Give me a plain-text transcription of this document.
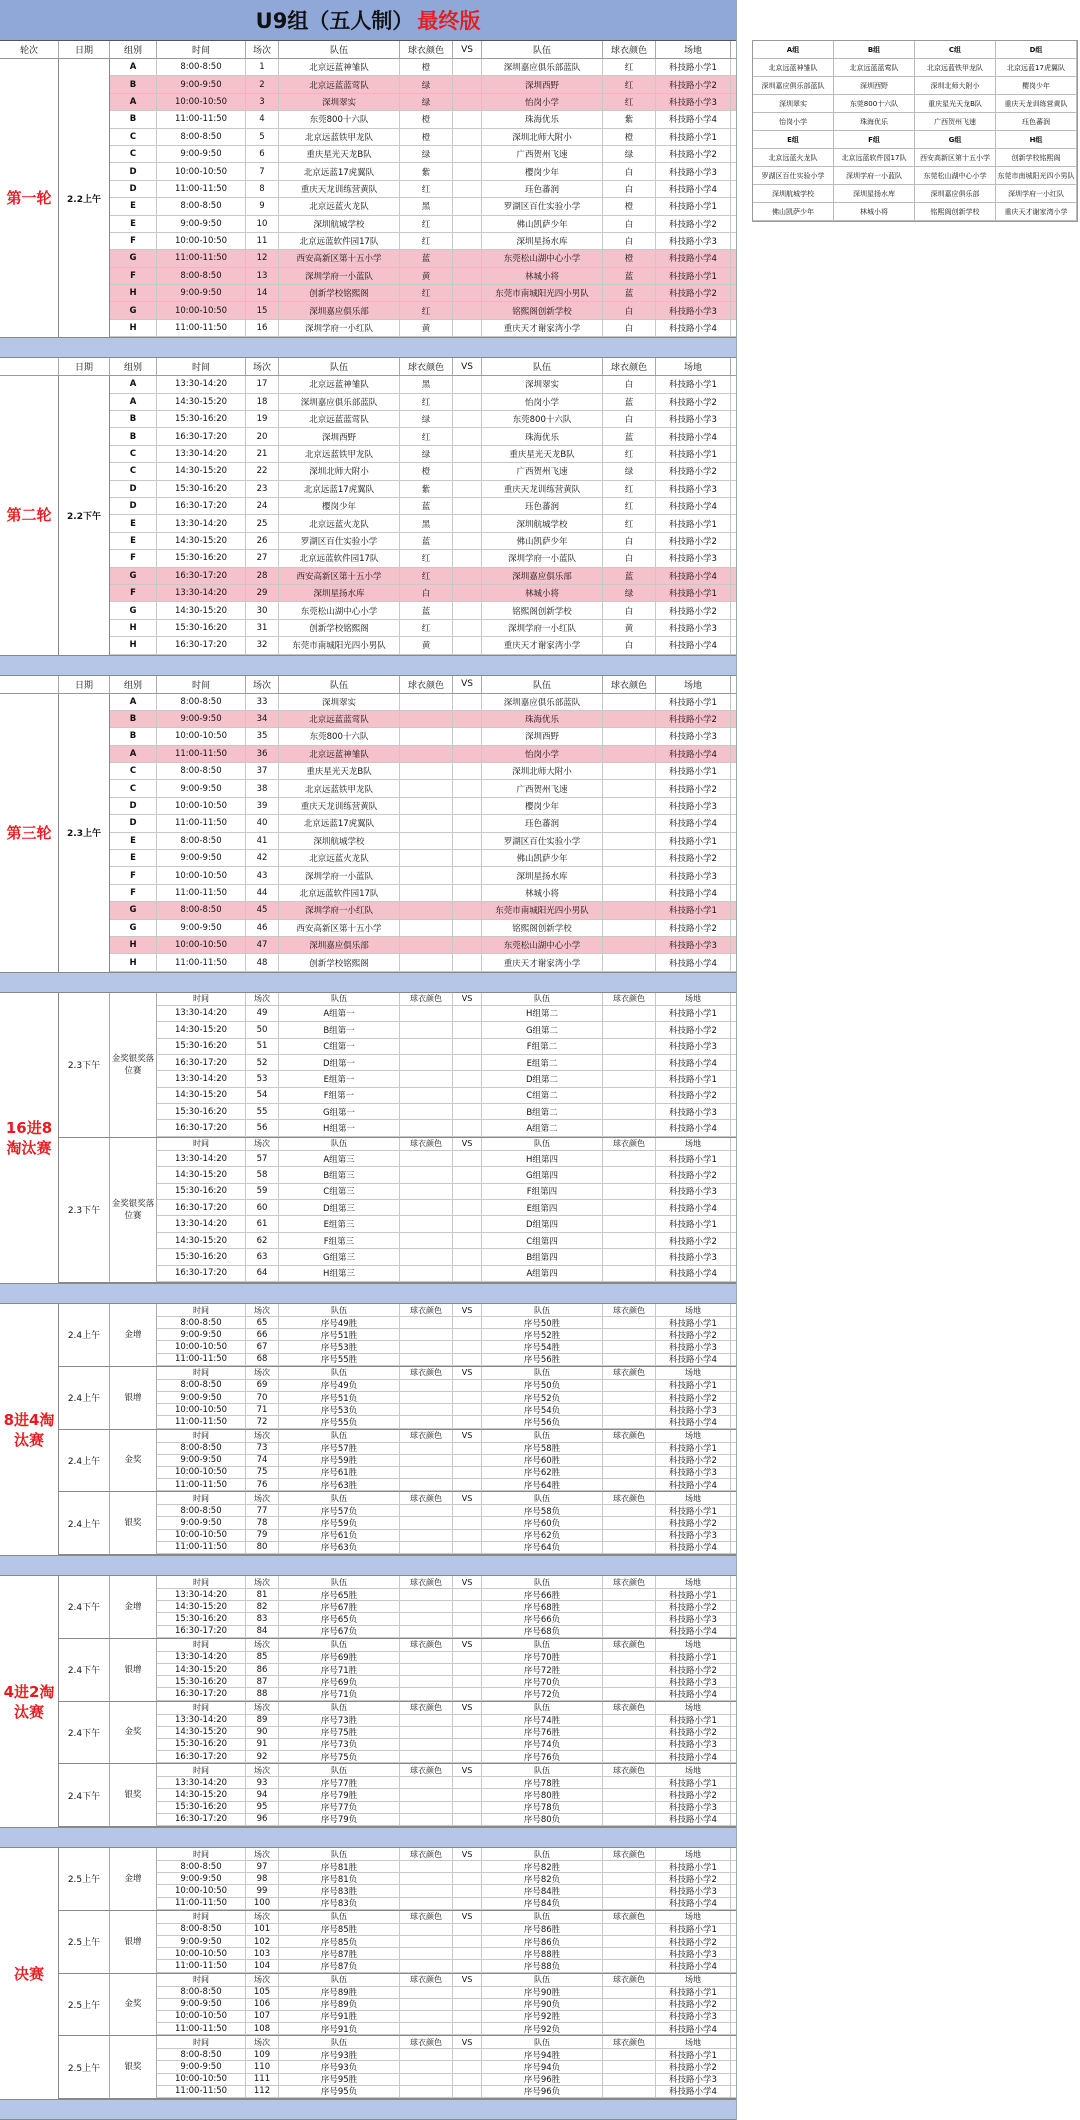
U9组（五人制） 最终版
轮次	日期	组别	时间	场次	队伍	球衣颜色	VS	队伍	球衣颜色	场地
第一轮	2.2上午
A	8:00-8:50	1	北京远蓝神雏队	橙	深圳嘉应俱乐部蓝队	红	科技路小学1
B	9:00-9:50	2	北京远蓝蓝莺队	绿	深圳西野	红	科技路小学2
A	10:00-10:50	3	深圳翠实	绿	怡岗小学	红	科技路小学3
B	11:00-11:50	4	东莞800十六队	橙	珠海优乐	紫	科技路小学4
C	8:00-8:50	5	北京远蓝铁甲龙队	橙	深圳北师大附小	橙	科技路小学1
C	9:00-9:50	6	重庆星光天龙B队	绿	广西贺州飞速	绿	科技路小学2
D	10:00-10:50	7	北京远蓝17虎翼队	紫	樱岗少年	白	科技路小学3
D	11:00-11:50	8	重庆天龙训练营黄队	红	珏色蕃润	白	科技路小学4
E	8:00-8:50	9	北京远蓝火龙队	黑	罗湖区百仕实验小学	橙	科技路小学1
E	9:00-9:50	10	深圳航城学校	红	佛山凯萨少年	白	科技路小学2
F	10:00-10:50	11	北京远蓝软件园17队	红	深圳星扬水库	白	科技路小学3
G	11:00-11:50	12	西安高新区第十五小学	蓝	东莞松山湖中心小学	橙	科技路小学4
F	8:00-8:50	13	深圳学府一小蓝队	黄	林城小将	蓝	科技路小学1
H	9:00-9:50	14	创新学校铭熙阁	红	东莞市南城阳光四小男队	蓝	科技路小学2
G	10:00-10:50	15	深圳嘉应俱乐部	红	铭熙阁创新学校	白	科技路小学3
H	11:00-11:50	16	深圳学府一小红队	黄	重庆天才谢家湾小学	白	科技路小学4
日期	组别	时间	场次	队伍	球衣颜色	VS	队伍	球衣颜色	场地
第二轮	2.2下午
A	13:30-14:20	17	北京远蓝神雏队	黑	深圳翠实	白	科技路小学1
A	14:30-15:20	18	深圳嘉应俱乐部蓝队	红	怡岗小学	蓝	科技路小学2
B	15:30-16:20	19	北京远蓝蓝莺队	绿	东莞800十六队	白	科技路小学3
B	16:30-17:20	20	深圳西野	红	珠海优乐	蓝	科技路小学4
C	13:30-14:20	21	北京远蓝铁甲龙队	绿	重庆星光天龙B队	红	科技路小学1
C	14:30-15:20	22	深圳北师大附小	橙	广西贺州飞速	绿	科技路小学2
D	15:30-16:20	23	北京远蓝17虎翼队	紫	重庆天龙训练营黄队	红	科技路小学3
D	16:30-17:20	24	樱岗少年	蓝	珏色蕃润	红	科技路小学4
E	13:30-14:20	25	北京远蓝火龙队	黑	深圳航城学校	红	科技路小学1
E	14:30-15:20	26	罗湖区百仕实验小学	蓝	佛山凯萨少年	白	科技路小学2
F	15:30-16:20	27	北京远蓝软件园17队	红	深圳学府一小蓝队	白	科技路小学3
G	16:30-17:20	28	西安高新区第十五小学	红	深圳嘉应俱乐部	蓝	科技路小学4
F	13:30-14:20	29	深圳星扬水库	白	林城小将	绿	科技路小学1
G	14:30-15:20	30	东莞松山湖中心小学	蓝	铭熙阁创新学校	白	科技路小学2
H	15:30-16:20	31	创新学校铭熙阁	红	深圳学府一小红队	黄	科技路小学3
H	16:30-17:20	32	东莞市南城阳光四小男队	黄	重庆天才谢家湾小学	白	科技路小学4
日期	组别	时间	场次	队伍	球衣颜色	VS	队伍	球衣颜色	场地
第三轮	2.3上午
A	8:00-8:50	33	深圳翠实	深圳嘉应俱乐部蓝队	科技路小学1
B	9:00-9:50	34	北京远蓝蓝莺队	珠海优乐	科技路小学2
B	10:00-10:50	35	东莞800十六队	深圳西野	科技路小学3
A	11:00-11:50	36	北京远蓝神雏队	怡岗小学	科技路小学4
C	8:00-8:50	37	重庆星光天龙B队	深圳北师大附小	科技路小学1
C	9:00-9:50	38	北京远蓝铁甲龙队	广西贺州飞速	科技路小学2
D	10:00-10:50	39	重庆天龙训练营黄队	樱岗少年	科技路小学3
D	11:00-11:50	40	北京远蓝17虎翼队	珏色蕃润	科技路小学4
E	8:00-8:50	41	深圳航城学校	罗湖区百仕实验小学	科技路小学1
E	9:00-9:50	42	北京远蓝火龙队	佛山凯萨少年	科技路小学2
F	10:00-10:50	43	深圳学府一小蓝队	深圳星扬水库	科技路小学3
F	11:00-11:50	44	北京远蓝软件园17队	林城小将	科技路小学4
G	8:00-8:50	45	深圳学府一小红队	东莞市南城阳光四小男队	科技路小学1
G	9:00-9:50	46	西安高新区第十五小学	铭熙阁创新学校	科技路小学2
H	10:00-10:50	47	深圳嘉应俱乐部	东莞松山湖中心小学	科技路小学3
H	11:00-11:50	48	创新学校铭熙阁	重庆天才谢家湾小学	科技路小学4
16进8淘汰赛
2.3下午
金奖银奖落位赛
时间	场次	队伍	球衣颜色	VS	队伍	球衣颜色	场地
13:30-14:20	49	A组第一	H组第二	科技路小学1
14:30-15:20	50	B组第一	G组第二	科技路小学2
15:30-16:20	51	C组第一	F组第二	科技路小学3
16:30-17:20	52	D组第一	E组第二	科技路小学4
13:30-14:20	53	E组第一	D组第二	科技路小学1
14:30-15:20	54	F组第一	C组第二	科技路小学2
15:30-16:20	55	G组第一	B组第二	科技路小学3
16:30-17:20	56	H组第一	A组第二	科技路小学4
2.3下午
金奖银奖落位赛
时间	场次	队伍	球衣颜色	VS	队伍	球衣颜色	场地
13:30-14:20	57	A组第三	H组第四	科技路小学1
14:30-15:20	58	B组第三	G组第四	科技路小学2
15:30-16:20	59	C组第三	F组第四	科技路小学3
16:30-17:20	60	D组第三	E组第四	科技路小学4
13:30-14:20	61	E组第三	D组第四	科技路小学1
14:30-15:20	62	F组第三	C组第四	科技路小学2
15:30-16:20	63	G组第三	B组第四	科技路小学3
16:30-17:20	64	H组第三	A组第四	科技路小学4
8进4淘汰赛
2.4上午	金增
时间	场次	队伍	球衣颜色	VS	队伍	球衣颜色	场地
8:00-8:50	65	序号49胜	序号50胜	科技路小学1
9:00-9:50	66	序号51胜	序号52胜	科技路小学2
10:00-10:50	67	序号53胜	序号54胜	科技路小学3
11:00-11:50	68	序号55胜	序号56胜	科技路小学4
2.4上午	银增
时间	场次	队伍	球衣颜色	VS	队伍	球衣颜色	场地
8:00-8:50	69	序号49负	序号50负	科技路小学1
9:00-9:50	70	序号51负	序号52负	科技路小学2
10:00-10:50	71	序号53负	序号54负	科技路小学3
11:00-11:50	72	序号55负	序号56负	科技路小学4
2.4上午	金奖
时间	场次	队伍	球衣颜色	VS	队伍	球衣颜色	场地
8:00-8:50	73	序号57胜	序号58胜	科技路小学1
9:00-9:50	74	序号59胜	序号60胜	科技路小学2
10:00-10:50	75	序号61胜	序号62胜	科技路小学3
11:00-11:50	76	序号63胜	序号64胜	科技路小学4
2.4上午	银奖
时间	场次	队伍	球衣颜色	VS	队伍	球衣颜色	场地
8:00-8:50	77	序号57负	序号58负	科技路小学1
9:00-9:50	78	序号59负	序号60负	科技路小学2
10:00-10:50	79	序号61负	序号62负	科技路小学3
11:00-11:50	80	序号63负	序号64负	科技路小学4
4进2淘汰赛
2.4下午	金增
时间	场次	队伍	球衣颜色	VS	队伍	球衣颜色	场地
13:30-14:20	81	序号65胜	序号66胜	科技路小学1
14:30-15:20	82	序号67胜	序号68胜	科技路小学2
15:30-16:20	83	序号65负	序号66负	科技路小学3
16:30-17:20	84	序号67负	序号68负	科技路小学4
2.4下午	银增
时间	场次	队伍	球衣颜色	VS	队伍	球衣颜色	场地
13:30-14:20	85	序号69胜	序号70胜	科技路小学1
14:30-15:20	86	序号71胜	序号72胜	科技路小学2
15:30-16:20	87	序号69负	序号70负	科技路小学3
16:30-17:20	88	序号71负	序号72负	科技路小学4
2.4下午	金奖
时间	场次	队伍	球衣颜色	VS	队伍	球衣颜色	场地
13:30-14:20	89	序号73胜	序号74胜	科技路小学1
14:30-15:20	90	序号75胜	序号76胜	科技路小学2
15:30-16:20	91	序号73负	序号74负	科技路小学3
16:30-17:20	92	序号75负	序号76负	科技路小学4
2.4下午	银奖
时间	场次	队伍	球衣颜色	VS	队伍	球衣颜色	场地
13:30-14:20	93	序号77胜	序号78胜	科技路小学1
14:30-15:20	94	序号79胜	序号80胜	科技路小学2
15:30-16:20	95	序号77负	序号78负	科技路小学3
16:30-17:20	96	序号79负	序号80负	科技路小学4
决赛
2.5上午	金增
时间	场次	队伍	球衣颜色	VS	队伍	球衣颜色	场地
8:00-8:50	97	序号81胜	序号82胜	科技路小学1
9:00-9:50	98	序号81负	序号82负	科技路小学2
10:00-10:50	99	序号83胜	序号84胜	科技路小学3
11:00-11:50	100	序号83负	序号84负	科技路小学4
2.5上午	银增
时间	场次	队伍	球衣颜色	VS	队伍	球衣颜色	场地
8:00-8:50	101	序号85胜	序号86胜	科技路小学1
9:00-9:50	102	序号85负	序号86负	科技路小学2
10:00-10:50	103	序号87胜	序号88胜	科技路小学3
11:00-11:50	104	序号87负	序号88负	科技路小学4
2.5上午	金奖
时间	场次	队伍	球衣颜色	VS	队伍	球衣颜色	场地
8:00-8:50	105	序号89胜	序号90胜	科技路小学1
9:00-9:50	106	序号89负	序号90负	科技路小学2
10:00-10:50	107	序号91胜	序号92胜	科技路小学3
11:00-11:50	108	序号91负	序号92负	科技路小学4
2.5上午	银奖
时间	场次	队伍	球衣颜色	VS	队伍	球衣颜色	场地
8:00-8:50	109	序号93胜	序号94胜	科技路小学1
9:00-9:50	110	序号93负	序号94负	科技路小学2
10:00-10:50	111	序号95胜	序号96胜	科技路小学3
11:00-11:50	112	序号95负	序号96负	科技路小学4
A组	B组	C组	D组
北京远蓝神雏队	北京远蓝蓝莺队	北京远蓝铁甲龙队	北京远蓝17虎翼队
深圳嘉应俱乐部蓝队	深圳西野	深圳北师大附小	樱岗少年
深圳翠实	东莞800十六队	重庆星光天龙B队	重庆天龙训练营黄队
怡岗小学	珠海优乐	广西贺州飞速	珏色蕃润
E组	F组	G组	H组
北京远蓝火龙队	北京远蓝软件园17队	西安高新区第十五小学	创新学校铭熙阁
罗湖区百仕实验小学	深圳学府一小蓝队	东莞松山湖中心小学	东莞市南城阳光四小男队
深圳航城学校	深圳星扬水库	深圳嘉应俱乐部	深圳学府一小红队
佛山凯萨少年	林城小将	铭熙阁创新学校	重庆天才谢家湾小学
